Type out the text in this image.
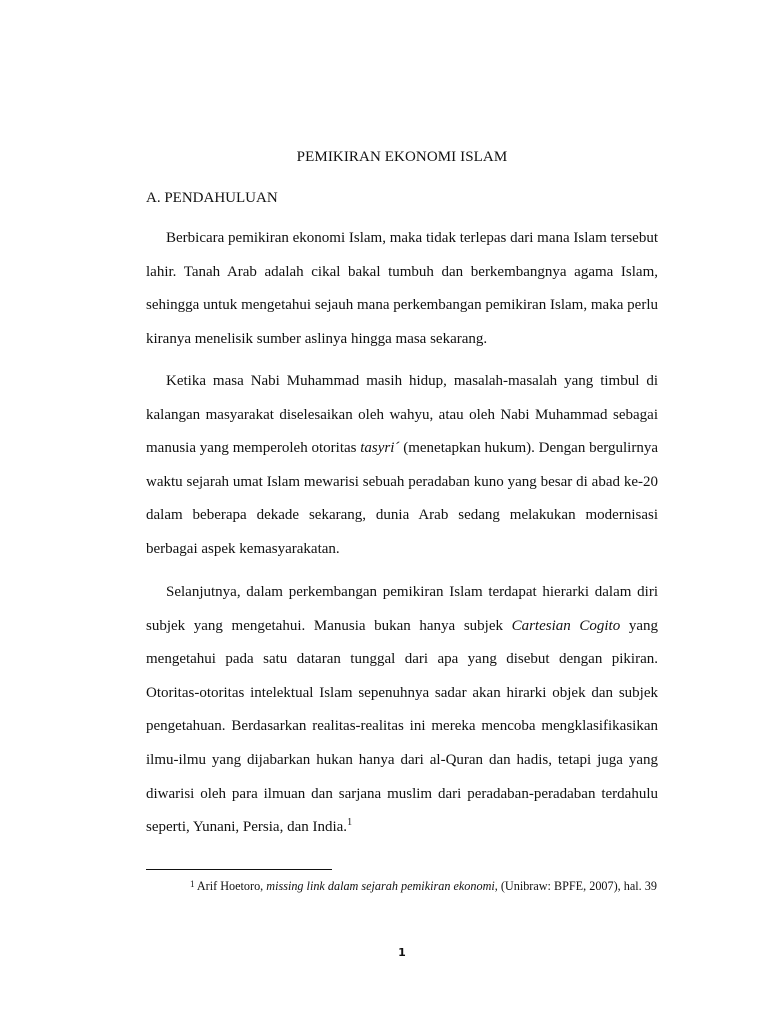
PEMIKIRAN EKONOMI ISLAM
A. PENDAHULUAN

Berbicara pemikiran ekonomi Islam, maka tidak terlepas dari mana Islam tersebut lahir. Tanah Arab adalah cikal bakal tumbuh dan berkembangnya agama Islam, sehingga untuk mengetahui sejauh mana perkembangan pemikiran Islam, maka perlu kiranya menelisik sumber aslinya hingga masa sekarang.

Ketika masa Nabi Muhammad masih hidup, masalah-masalah yang timbul di kalangan masyarakat diselesaikan oleh wahyu, atau oleh Nabi Muhammad sebagai manusia yang memperoleh otoritas tasyri´ (menetapkan hukum). Dengan bergulirnya waktu sejarah umat Islam mewarisi sebuah peradaban kuno yang besar di abad ke-20 dalam beberapa dekade sekarang, dunia Arab sedang melakukan modernisasi berbagai aspek kemasyarakatan.

Selanjutnya, dalam perkembangan pemikiran Islam terdapat hierarki dalam diri subjek yang mengetahui. Manusia bukan hanya subjek Cartesian Cogito yang mengetahui pada satu dataran tunggal dari apa yang disebut dengan pikiran. Otoritas-otoritas intelektual Islam sepenuhnya sadar akan hirarki objek dan subjek pengetahuan. Berdasarkan realitas-realitas ini mereka mencoba mengklasifikasikan ilmu-ilmu yang dijabarkan hukan hanya dari al-Quran dan hadis, tetapi juga yang diwarisi oleh para ilmuan dan sarjana muslim dari peradaban-peradaban terdahulu seperti, Yunani, Persia, dan India.$^1$

$^1$ Arif Hoetoro, missing link dalam sejarah pemikiran ekonomi, (Unibraw: BPFE, 2007), hal. 39

1
